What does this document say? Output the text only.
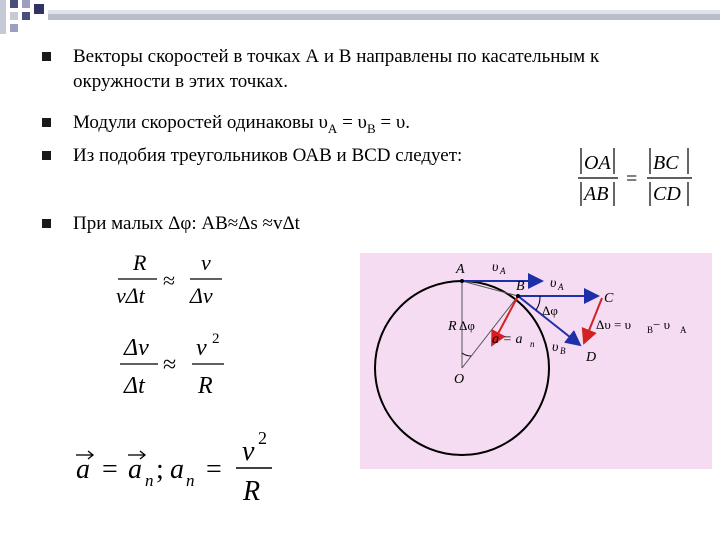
Векторы скоростей в точках А и В направлены по касательным к окружности в этих точках.
Модули скоростей одинаковы $\upsilon_A = \upsilon_B = \upsilon$.
Из подобия треугольников ОАВ и ВCD следует:
При малых Δφ: АВ≈Δs ≈vΔt
OA
AB
=
BC
CD
R
νΔt
≈
ν
Δν
Δν
Δt
≈
ν 2
R
a = a n ; a n =
v 2
R
A
B
C
D
O
R Δφ
Δφ
υ A
υ A
υ B
a = a n
Δυ = υ B − υ A
